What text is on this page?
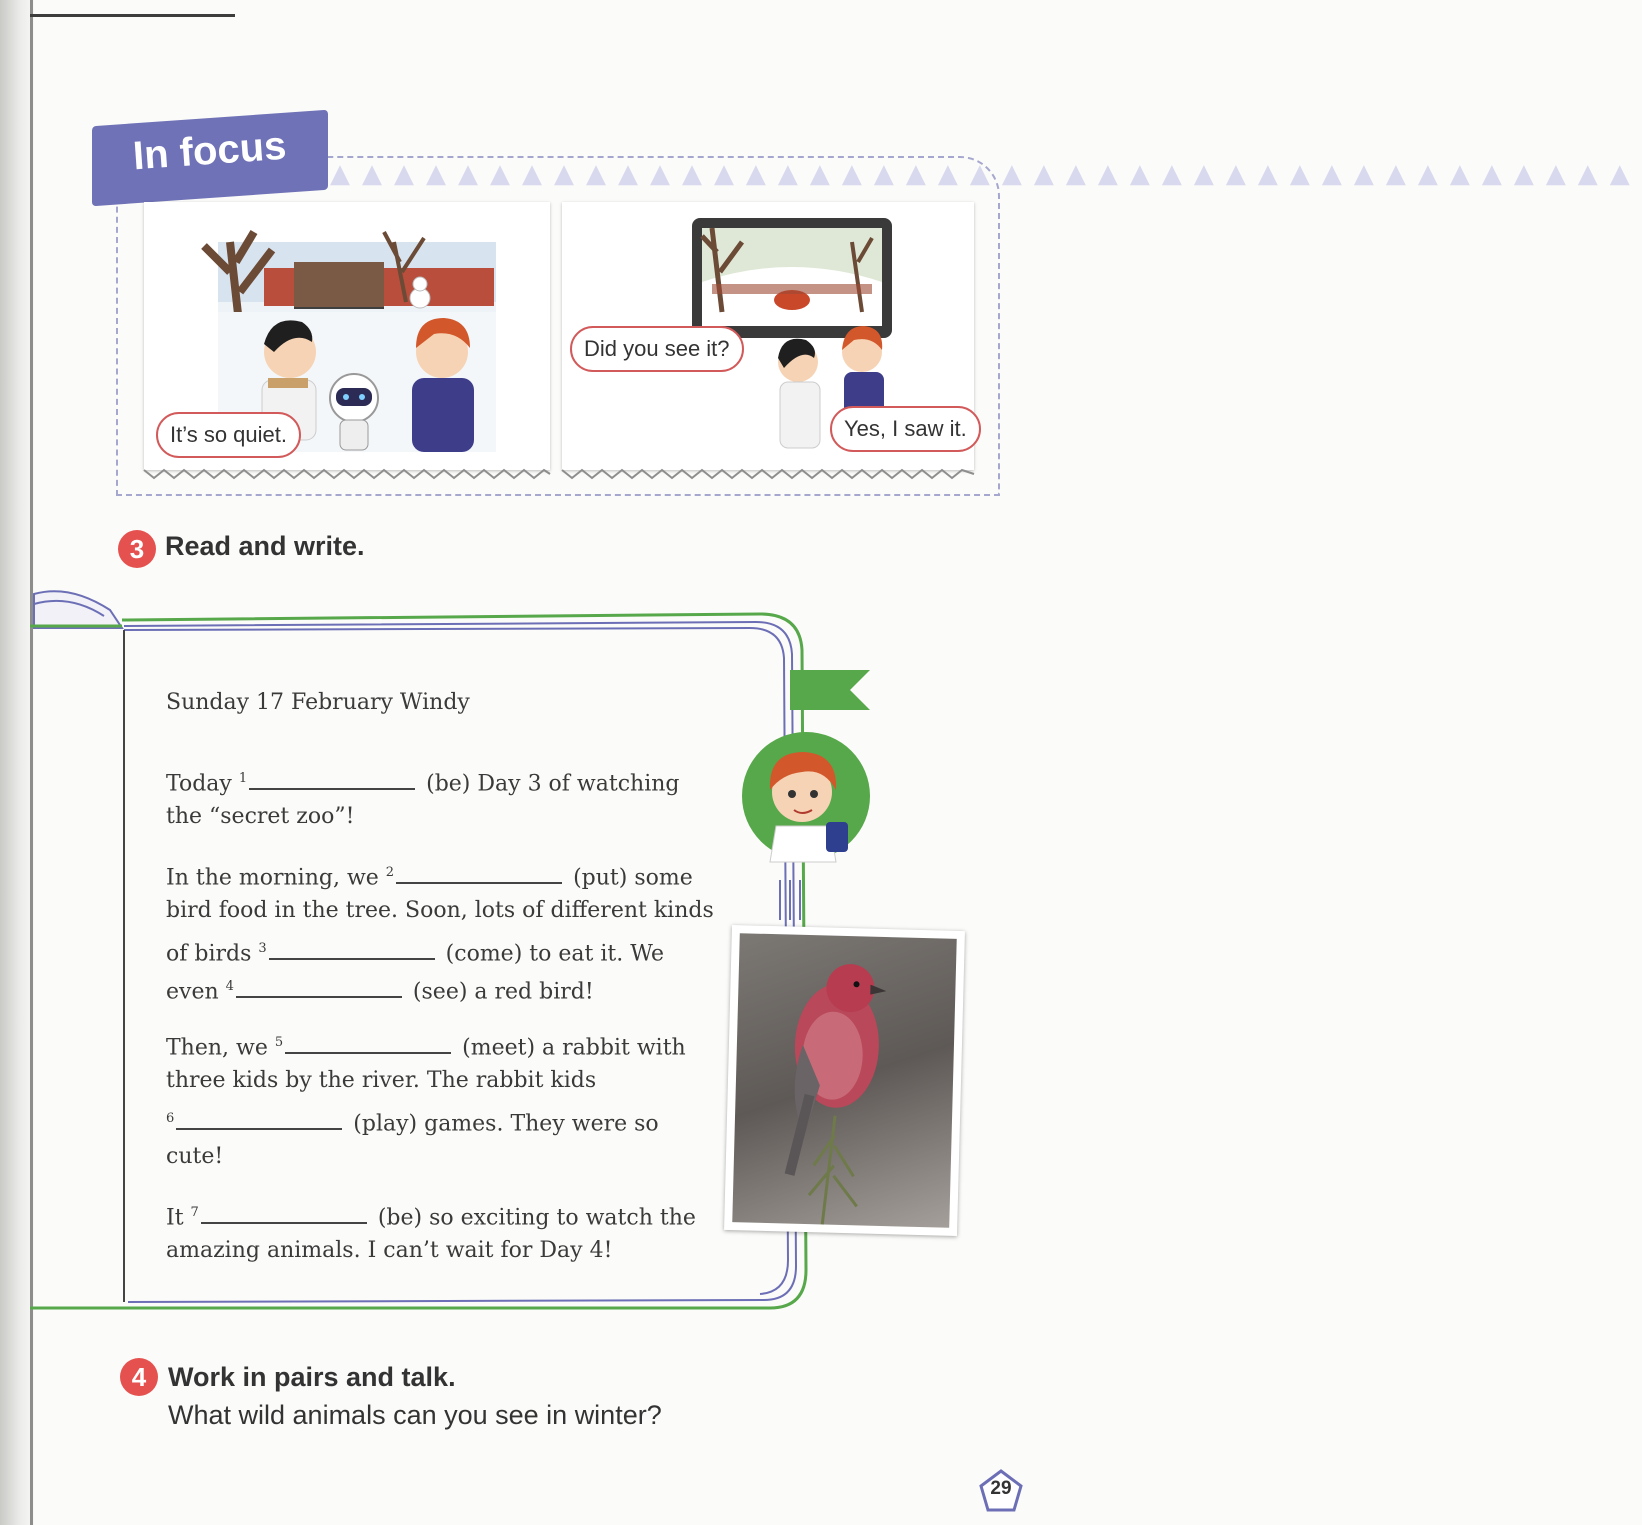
▲▲▲▲▲▲▲▲▲▲▲▲▲▲▲▲▲▲▲▲▲▲▲▲▲▲▲▲▲▲▲▲▲▲▲▲▲▲▲▲▲
In focus
It’s so quiet.
Did you see it?
Yes, I saw it.
3 Read and write.
Sunday 17 February Windy
Today $^1$	(be) Day 3 of watching
the “secret zoo”!
In the morning, we $^2$	(put) some
bird food in the tree. Soon, lots of different kinds
of birds $^3$	(come) to eat it. We
even $^4$	(see) a red bird!
Then, we $^5$	(meet) a rabbit with
three kids by the river. The rabbit kids
$^6$	(play) games. They were so
cute!
It $^7$	(be) so exciting to watch the
amazing animals. I can’t wait for Day 4!
4 Work in pairs and talk.
What wild animals can you see in winter?
29
